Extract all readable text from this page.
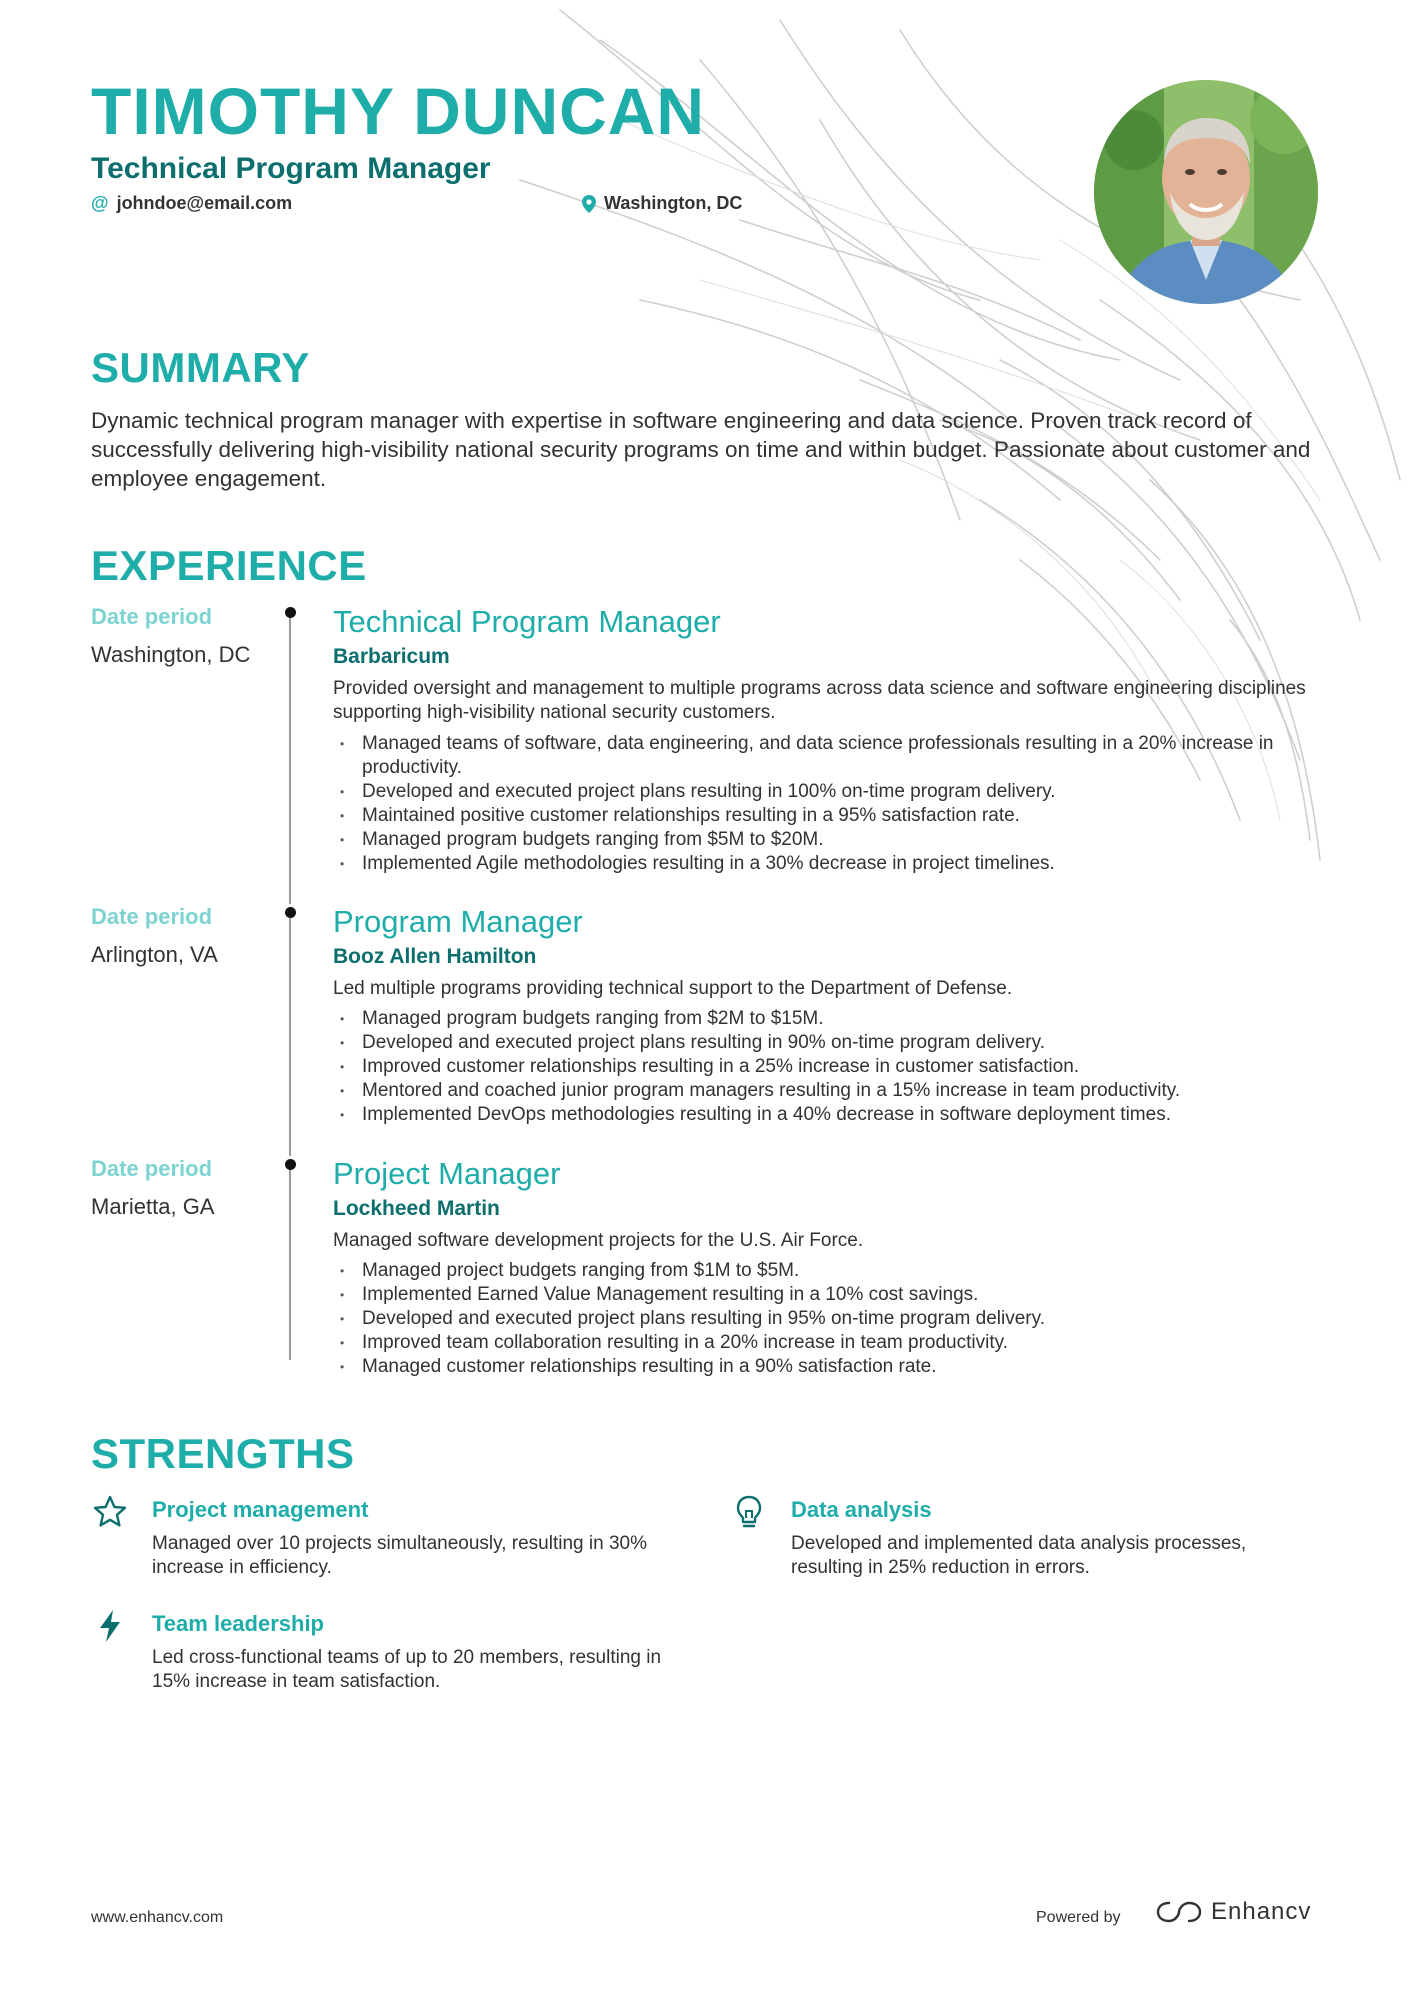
TIMOTHY DUNCAN
Technical Program Manager
@ johndoe@email.com	Washington, DC
SUMMARY

Dynamic technical program manager with expertise in software engineering and data science. Proven track record of successfully delivering high-visibility national security programs on time and within budget. Passionate about customer and employee engagement.

EXPERIENCE
Date period
Washington, DC
Technical Program Manager
Barbaricum

Provided oversight and management to multiple programs across data science and software engineering disciplines supporting high-visibility national security customers.

• Managed teams of software, data engineering, and data science professionals resulting in a 20% increase in productivity.
• Developed and executed project plans resulting in 100% on-time program delivery.
• Maintained positive customer relationships resulting in a 95% satisfaction rate.
• Managed program budgets ranging from $5M to $20M.
• Implemented Agile methodologies resulting in a 30% decrease in project timelines.
Date period
Arlington, VA
Program Manager
Booz Allen Hamilton

Led multiple programs providing technical support to the Department of Defense.

• Managed program budgets ranging from $2M to $15M.
• Developed and executed project plans resulting in 90% on-time program delivery.
• Improved customer relationships resulting in a 25% increase in customer satisfaction.
• Mentored and coached junior program managers resulting in a 15% increase in team productivity.
• Implemented DevOps methodologies resulting in a 40% decrease in software deployment times.
Date period
Marietta, GA
Project Manager
Lockheed Martin

Managed software development projects for the U.S. Air Force.

• Managed project budgets ranging from $1M to $5M.
• Implemented Earned Value Management resulting in a 10% cost savings.
• Developed and executed project plans resulting in 95% on-time program delivery.
• Improved team collaboration resulting in a 20% increase in team productivity.
• Managed customer relationships resulting in a 90% satisfaction rate.
STRENGTHS
Project management

Managed over 10 projects simultaneously, resulting in 30% increase in efficiency.

Data analysis

Developed and implemented data analysis processes, resulting in 25% reduction in errors.

Team leadership

Led cross-functional teams of up to 20 members, resulting in 15% increase in team satisfaction.

www.enhancv.com	Powered by	Enhancv
